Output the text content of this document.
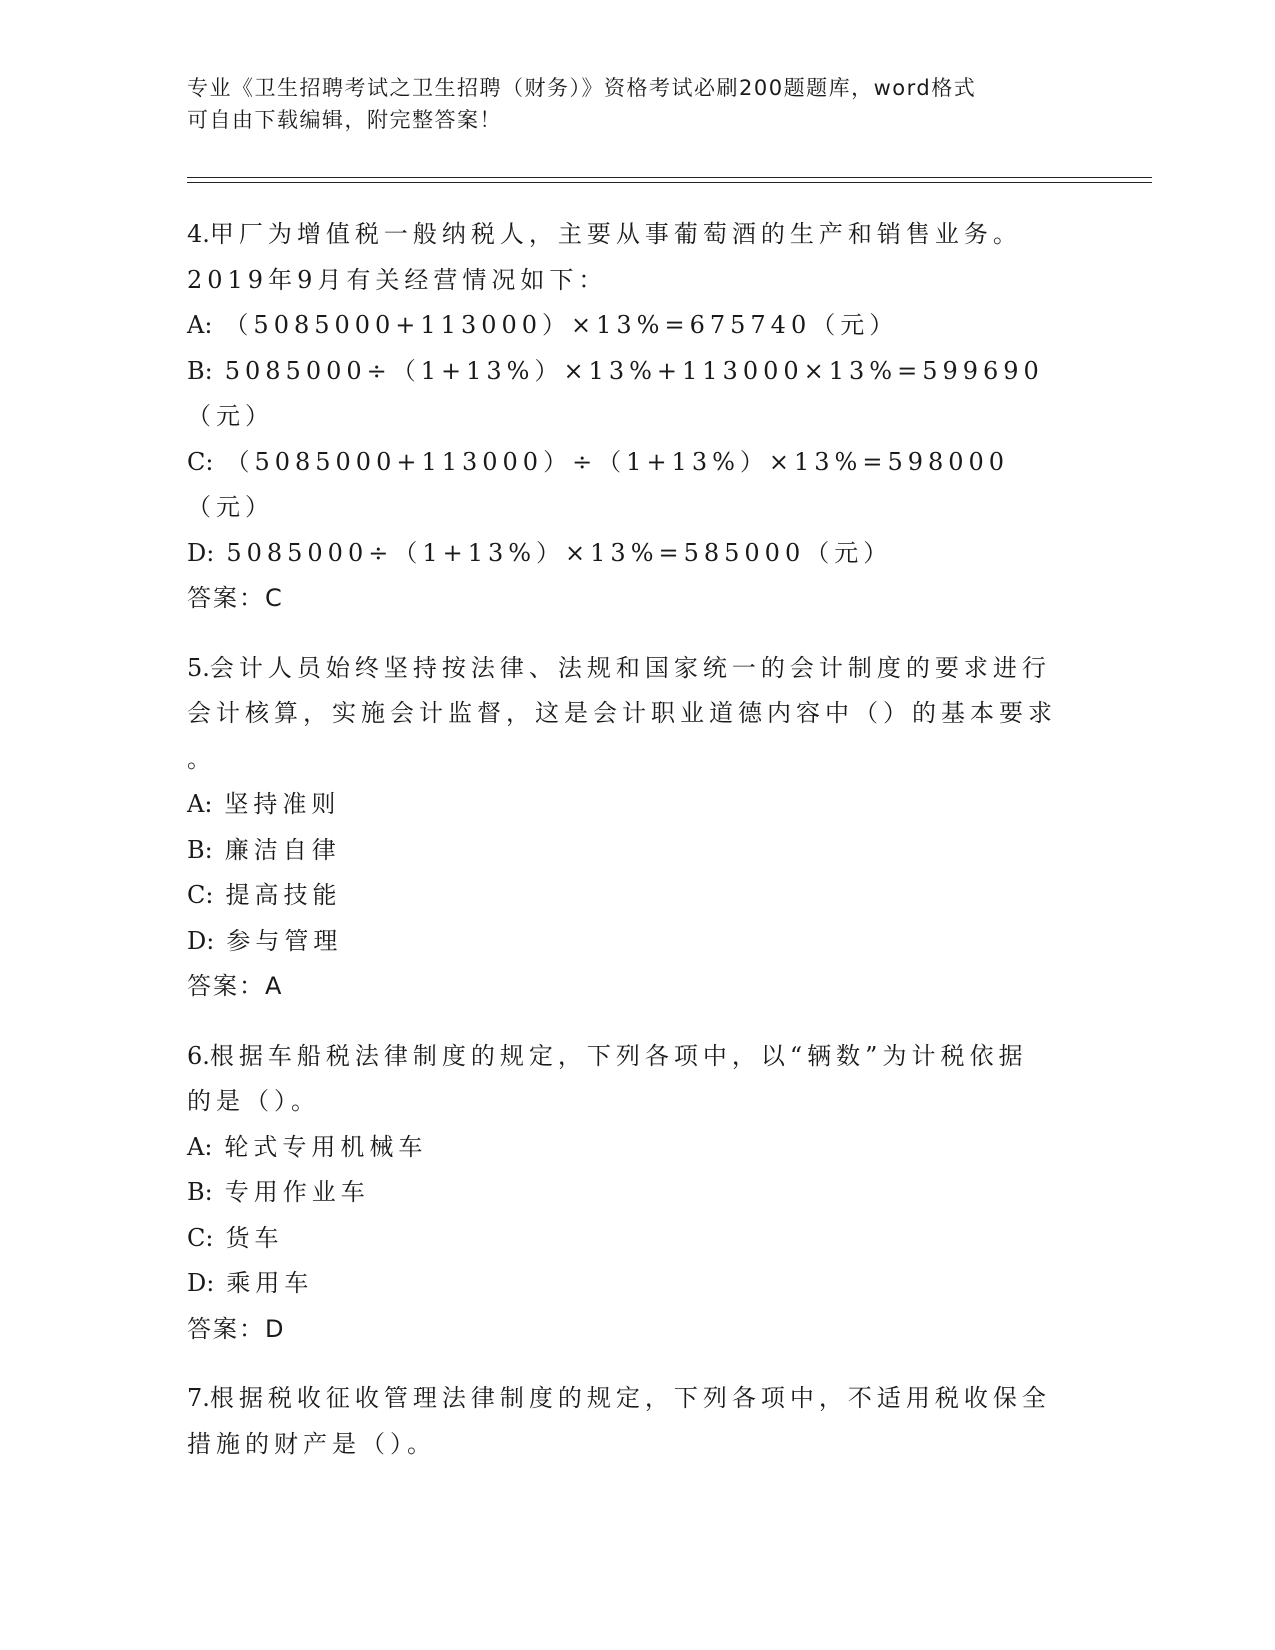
专业《卫生招聘考试之卫生招聘（财务）》资格考试必刷200题题库，word格式
可自由下载编辑，附完整答案！
4.甲厂为增值税一般纳税人，主要从事葡萄酒的生产和销售业务。
2019年9月有关经营情况如下：
A: （5085000+113000）×13%=675740（元）
B: 5085000÷（1+13%）×13%+113000×13%=599690（元）
C: （5085000+113000）÷（1+13%）×13%=598000（元）
D: 5085000÷（1+13%）×13%=585000（元）
答案：C
5.会计人员始终坚持按法律、法规和国家统一的会计制度的要求进行
会计核算，实施会计监督，这是会计职业道德内容中（）的基本要求
。
A: 坚持准则
B: 廉洁自律
C: 提高技能
D: 参与管理
答案：A
6.根据车船税法律制度的规定，下列各项中，以“辆数”为计税依据
的是（）。
A: 轮式专用机械车
B: 专用作业车
C: 货车
D: 乘用车
答案：D
7.根据税收征收管理法律制度的规定，下列各项中，不适用税收保全
措施的财产是（）。
